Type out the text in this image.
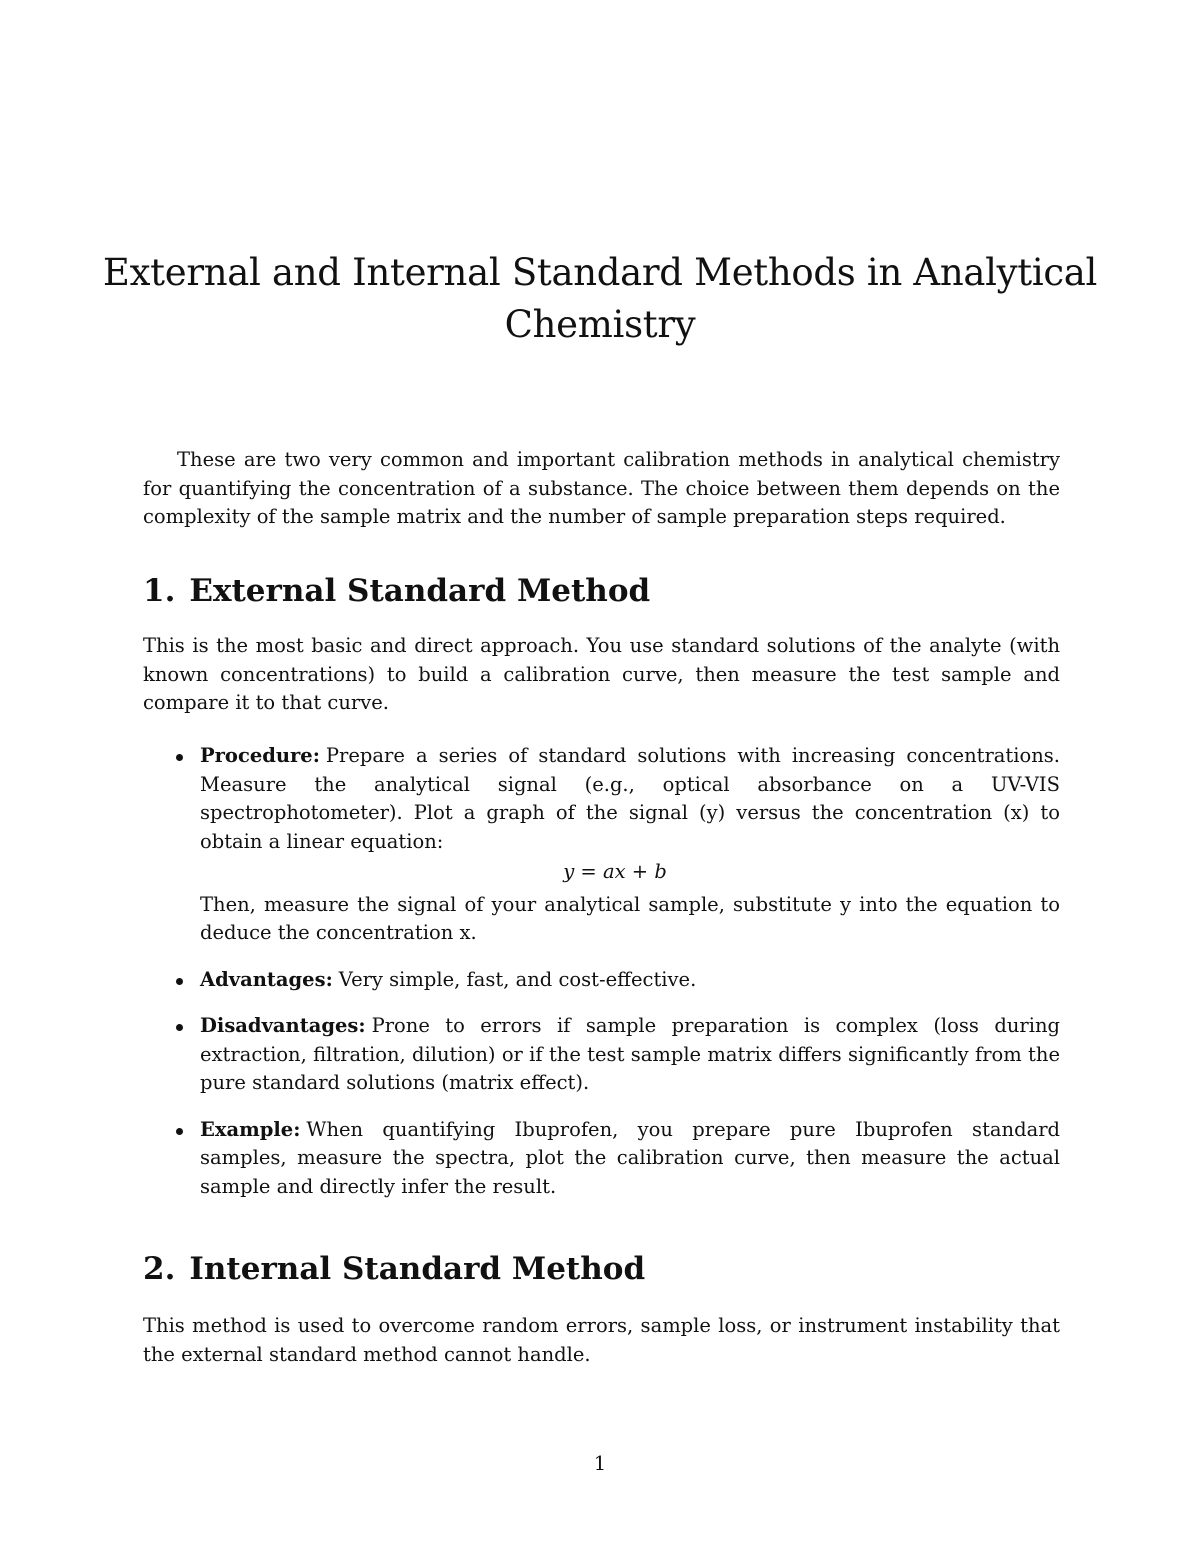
External and Internal Standard Methods in Analytical Chemistry

These are two very common and important calibration methods in analytical chemistry for quantifying the concentration of a substance. The choice between them depends on the complexity of the sample matrix and the number of sample preparation steps required.

1. External Standard Method

This is the most basic and direct approach. You use standard solutions of the analyte (with known concentrations) to build a calibration curve, then measure the test sample and compare it to that curve.

Procedure: Prepare a series of standard solutions with increasing concentrations. Measure the analytical signal (e.g., optical absorbance on a UV-VIS spectrophotometer). Plot a graph of the signal (y) versus the concentration (x) to obtain a linear equation:
y = ax + b
Then, measure the signal of your analytical sample, substitute y into the equation to deduce the concentration x.
Advantages: Very simple, fast, and cost-effective.
Disadvantages: Prone to errors if sample preparation is complex (loss during extraction, filtration, dilution) or if the test sample matrix differs significantly from the pure standard solutions (matrix effect).
Example: When quantifying Ibuprofen, you prepare pure Ibuprofen standard samples, measure the spectra, plot the calibration curve, then measure the actual sample and directly infer the result.
2. Internal Standard Method

This method is used to overcome random errors, sample loss, or instrument instability that the external standard method cannot handle.

1
